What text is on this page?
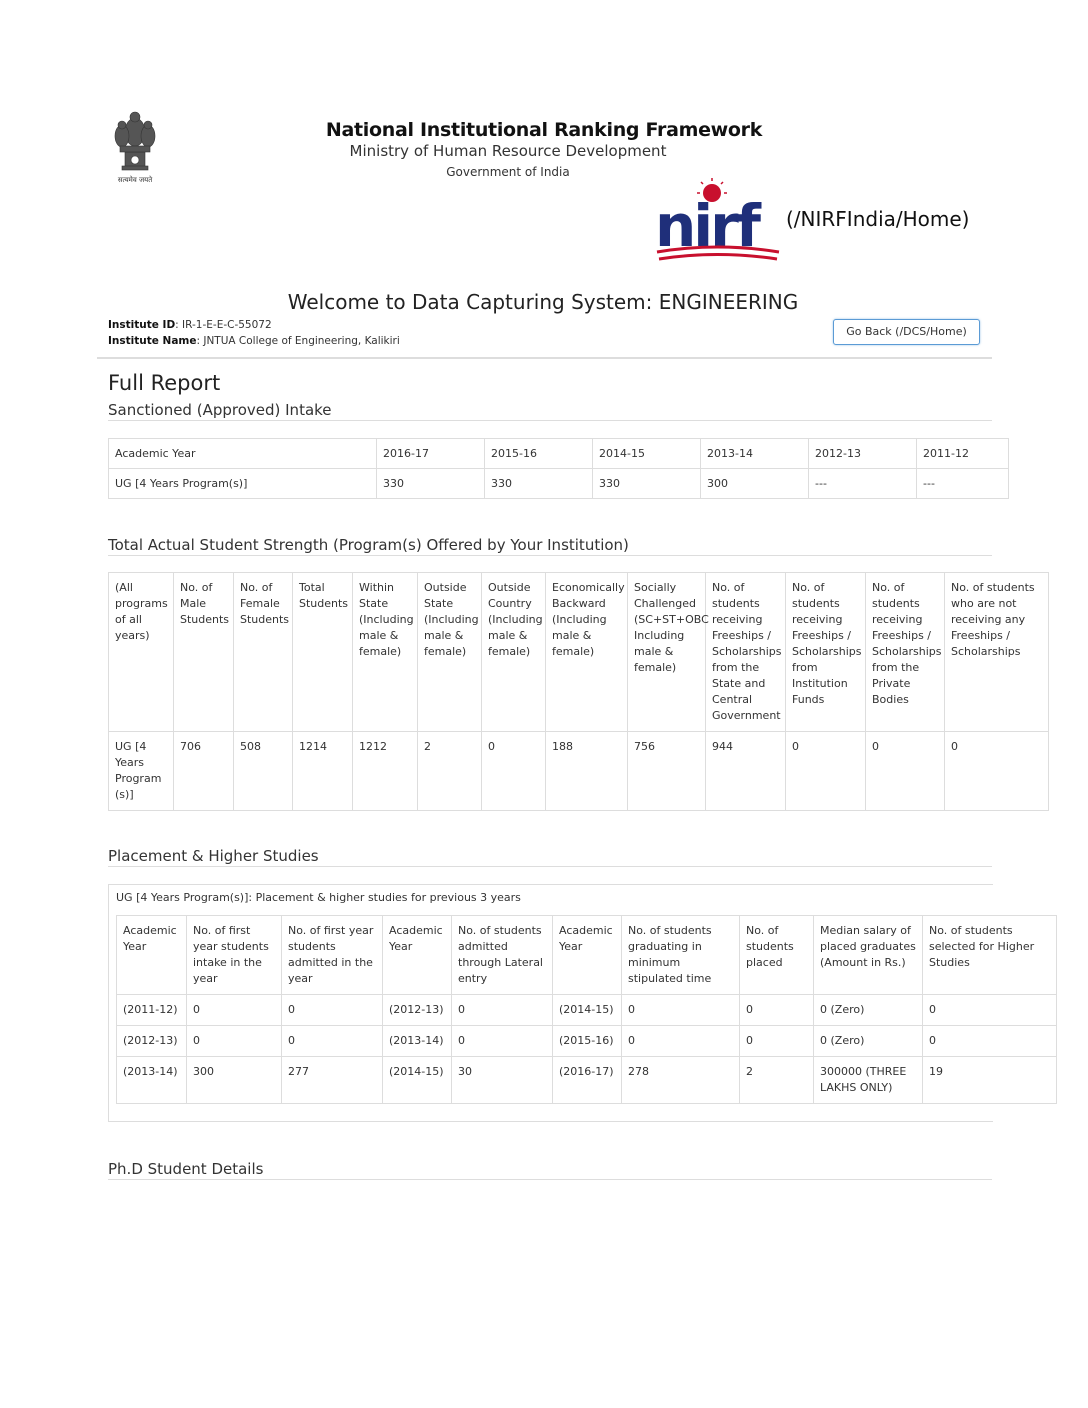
सत्यमेव जयते
National Institutional Ranking Framework
Ministry of Human Resource Development
Government of India
nirf (/NIRFIndia/Home)
Welcome to Data Capturing System: ENGINEERING
Institute ID: IR-1-E-E-C-55072
Institute Name: JNTUA College of Engineering, Kalikiri
Go Back (/DCS/Home)
Full Report
Sanctioned (Approved) Intake
Academic Year	2016-17	2015-16	2014-15	2013-14	2012-13	2011-12
UG [4 Years Program(s)]	330	330	330	300	---	---
Total Actual Student Strength (Program(s) Offered by Your Institution)
(All programs of all years)	No. of Male Students	No. of Female Students	Total Students	Within State (Including male & female)	Outside State (Including male & female)	Outside Country (Including male & female)	Economically Backward (Including male & female)	Socially Challenged (SC+ST+OBC Including male & female)	No. of students receiving Freeships / Scholarships from the State and Central Government	No. of students receiving Freeships / Scholarships from Institution Funds	No. of students receiving Freeships / Scholarships from the Private Bodies	No. of students who are not receiving any Freeships / Scholarships
UG [4 Years Program (s)]	706	508	1214	1212	2	0	188	756	944	0	0	0
Placement & Higher Studies
UG [4 Years Program(s)]: Placement & higher studies for previous 3 years
Academic Year	No. of first year students intake in the year	No. of first year students admitted in the year	Academic Year	No. of students admitted through Lateral entry	Academic Year	No. of students graduating in minimum stipulated time	No. of students placed	Median salary of placed graduates (Amount in Rs.)	No. of students selected for Higher Studies
(2011-12)	0	0	(2012-13)	0	(2014-15)	0	0	0 (Zero)	0
(2012-13)	0	0	(2013-14)	0	(2015-16)	0	0	0 (Zero)	0
(2013-14)	300	277	(2014-15)	30	(2016-17)	278	2	300000 (THREE LAKHS ONLY)	19
Ph.D Student Details
